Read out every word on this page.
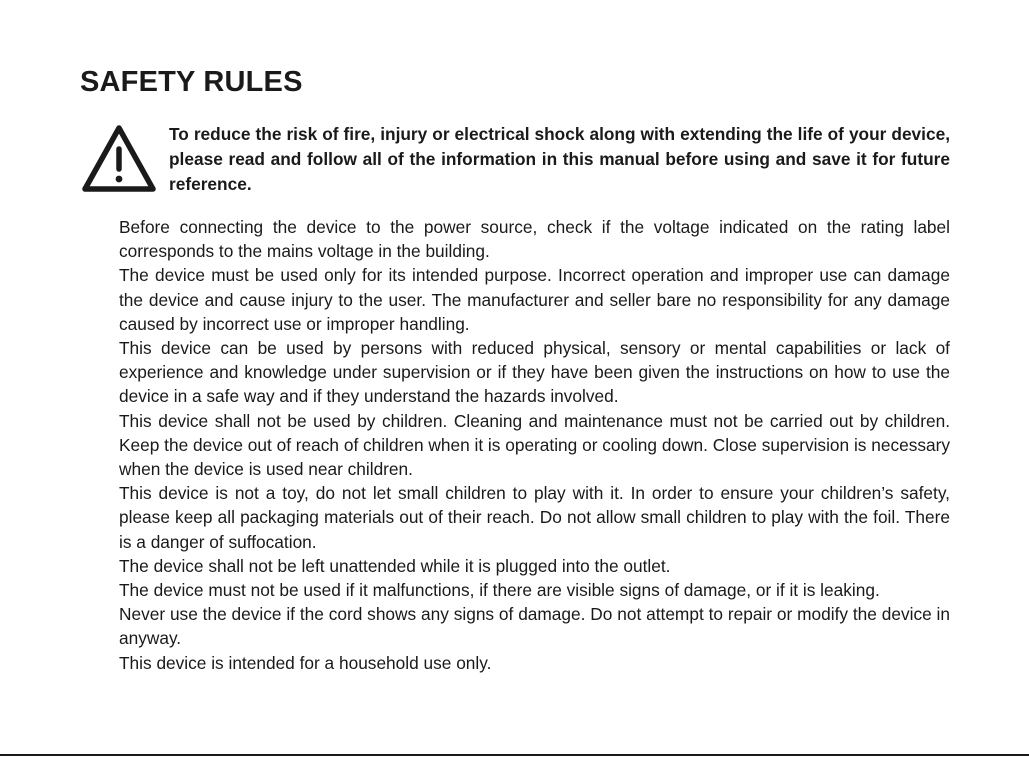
SAFETY RULES

To reduce the risk of fire, injury or electrical shock along with extending the life of your device, please read and follow all of the information in this manual before using and save it for future reference.

Before connecting the device to the power source, check if the voltage indicated on the rating label corresponds to the mains voltage in the building.

The device must be used only for its intended purpose. Incorrect operation and improper use can damage the device and cause injury to the user. The manufacturer and seller bare no responsibility for any damage caused by incorrect use or improper handling.

This device can be used by persons with reduced physical, sensory or mental capabilities or lack of experience and knowledge under supervision or if they have been given the instructions on how to use the device in a safe way and if they understand the hazards involved.

This device shall not be used by children. Cleaning and maintenance must not be carried out by children. Keep the device out of reach of children when it is operating or cooling down. Close supervision is necessary when the device is used near children.

This device is not a toy, do not let small children to play with it. In order to ensure your children’s safety, please keep all packaging materials out of their reach. Do not allow small children to play with the foil. There is a danger of suffocation.

The device shall not be left unattended while it is plugged into the outlet.

The device must not be used if it malfunctions, if there are visible signs of damage, or if it is leaking.

Never use the device if the cord shows any signs of damage. Do not attempt to repair or modify the device in anyway.

This device is intended for a household use only.
